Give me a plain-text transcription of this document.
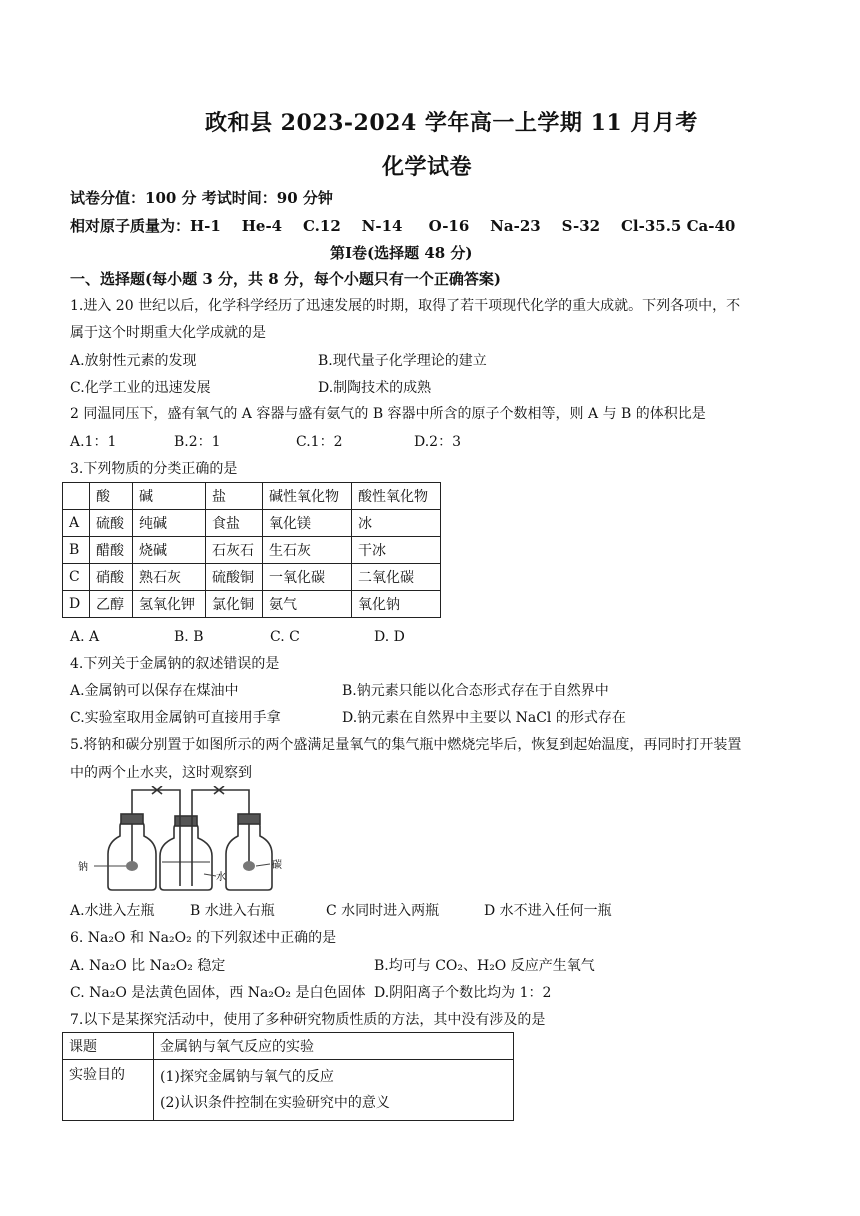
政和县 2023-2024 学年高一上学期 11 月月考
化学试卷
试卷分值：100 分 考试时间：90 分钟
相对原子质量为：H-1    He-4    C.12    N-14     O-16    Na-23    S-32    Cl-35.5 Ca-40
第Ⅰ卷(选择题 48 分)
一、选择题(每小题 3 分，共 8 分，每个小题只有一个正确答案)
1.进入 20 世纪以后，化学科学经历了迅速发展的时期，取得了若干项现代化学的重大成就。下列各项中，不
属于这个时期重大化学成就的是
A.放射性元素的发现	B.现代量子化学理论的建立
C.化学工业的迅速发展	D.制陶技术的成熟
2 同温同压下，盛有氧气的 A 容器与盛有氨气的 B 容器中所含的原子个数相等，则 A 与 B 的体积比是
A.1：1	B.2：1	C.1：2	D.2：3
3.下列物质的分类正确的是
	酸	碱	盐	碱性氧化物	酸性氧化物
A	硫酸	纯碱	食盐	氧化镁	冰
B	醋酸	烧碱	石灰石	生石灰	干冰
C	硝酸	熟石灰	硫酸铜	一氧化碳	二氧化碳
D	乙醇	氢氧化钾	氯化铜	氨气	氧化钠
A. A	B. B	C. C	D. D
4.下列关于金属钠的叙述错误的是
A.金属钠可以保存在煤油中	B.钠元素只能以化合态形式存在于自然界中
C.实验室取用金属钠可直接用手拿	D.钠元素在自然界中主要以 NaCl 的形式存在
5.将钠和碳分别置于如图所示的两个盛满足量氧气的集气瓶中燃烧完毕后，恢复到起始温度，再同时打开装置
中的两个止水夹，这时观察到
钠
水
碳
A.水进入左瓶	B 水进入右瓶	C 水同时进入两瓶	D 水不进入任何一瓶
6. Na₂O 和 Na₂O₂ 的下列叙述中正确的是
A. Na₂O 比 Na₂O₂ 稳定	B.均可与 CO₂、H₂O 反应产生氧气
C. Na₂O 是法黄色固体，西 Na₂O₂ 是白色固体 D.阴阳离子个数比均为 1：2
7.以下是某探究活动中，使用了多种研究物质性质的方法，其中没有涉及的是
课题	金属钠与氧气反应的实验
实验目的	(1)探究金属钠与氧气的反应
(2)认识条件控制在实验研究中的意义
